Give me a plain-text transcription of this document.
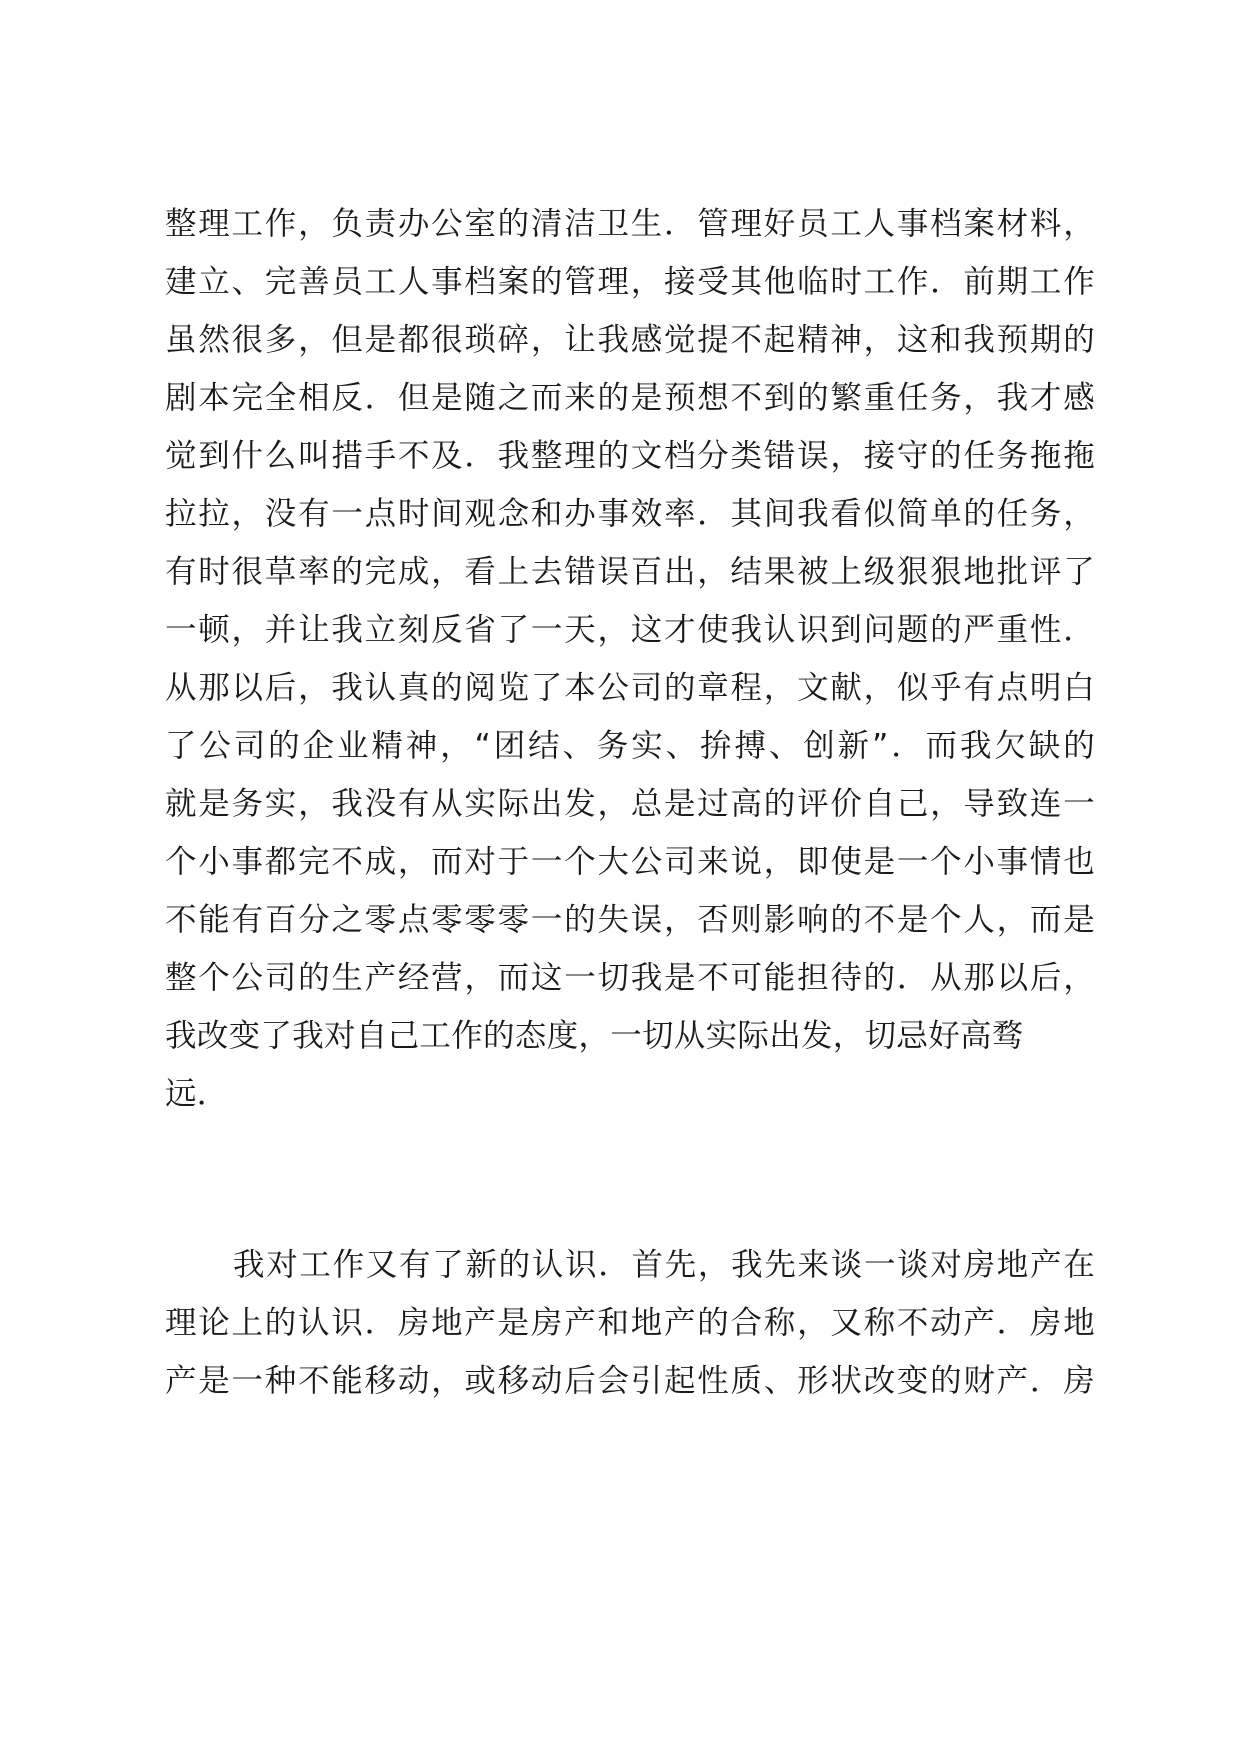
整理工作，负责办公室的清洁卫生．管理好员工人事档案材料，
建立、完善员工人事档案的管理，接受其他临时工作．前期工作
虽然很多，但是都很琐碎，让我感觉提不起精神，这和我预期的
剧本完全相反．但是随之而来的是预想不到的繁重任务，我才感
觉到什么叫措手不及．我整理的文档分类错误，接守的任务拖拖
拉拉，没有一点时间观念和办事效率．其间我看似简单的任务，
有时很草率的完成，看上去错误百出，结果被上级狠狠地批评了
一顿，并让我立刻反省了一天，这才使我认识到问题的严重性．
从那以后，我认真的阅览了本公司的章程，文献，似乎有点明白
了公司的企业精神，“团结、务实、拚搏、创新”．而我欠缺的
就是务实，我没有从实际出发，总是过高的评价自己，导致连一
个小事都完不成，而对于一个大公司来说，即使是一个小事情也
不能有百分之零点零零零一的失误，否则影响的不是个人，而是
整个公司的生产经营，而这一切我是不可能担待的．从那以后，
我改变了我对自己工作的态度，一切从实际出发，切忌好高骛
远．
我对工作又有了新的认识．首先，我先来谈一谈对房地产在
理论上的认识．房地产是房产和地产的合称，又称不动产．房地
产是一种不能移动，或移动后会引起性质、形状改变的财产．房
